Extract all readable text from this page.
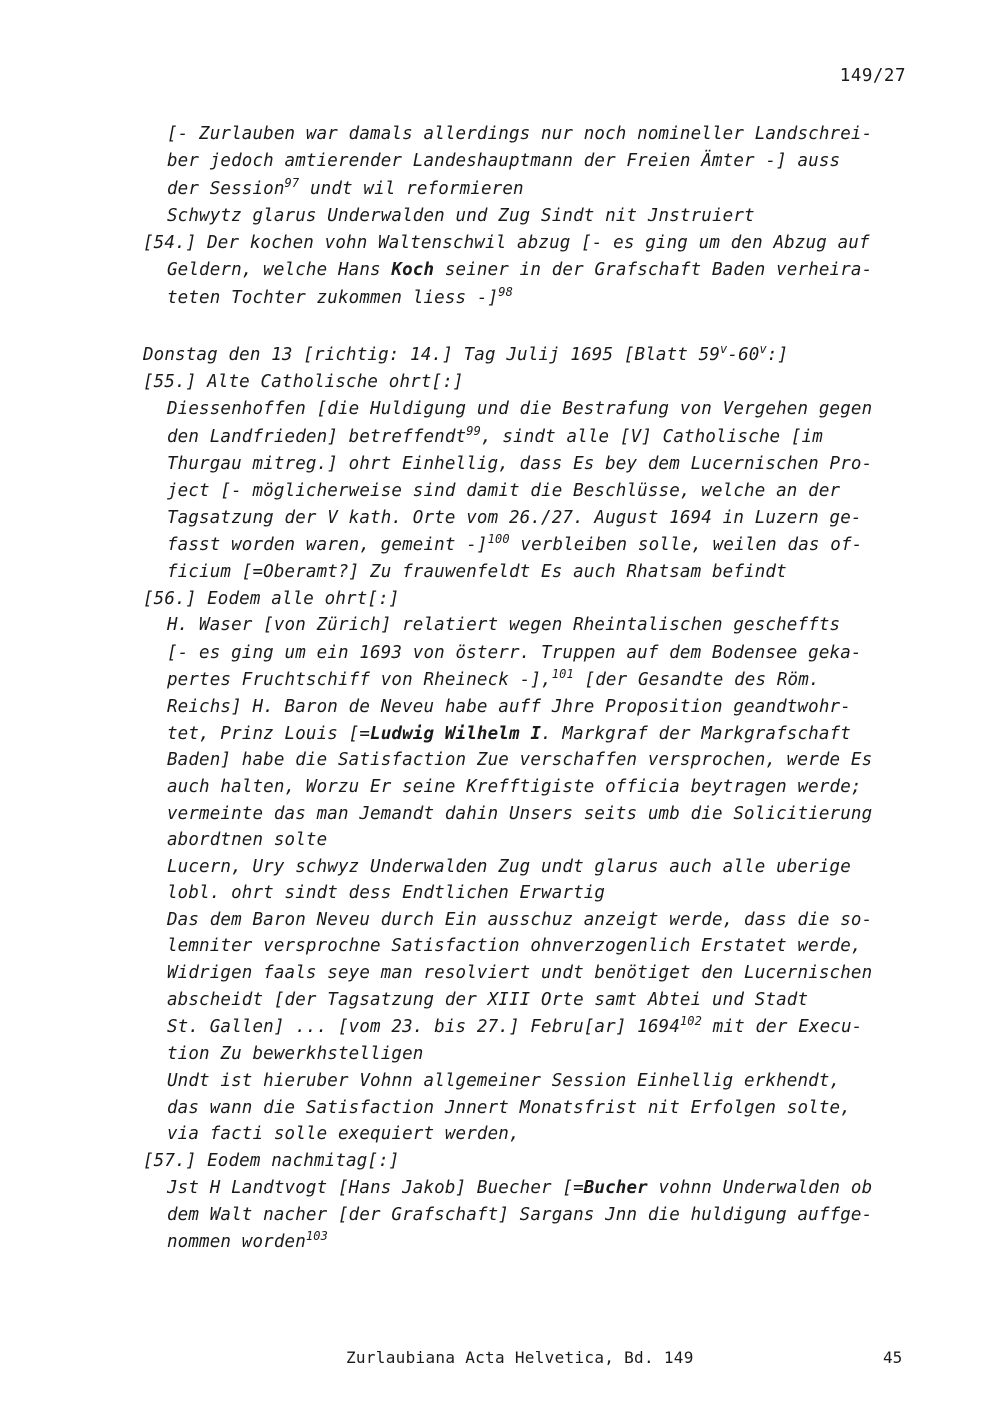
149/27
[- Zurlauben war damals allerdings nur noch nomineller Landschrei-
ber jedoch amtierender Landeshauptmann der Freien Ämter -] auss
der Session$^{97}$ undt wil reformieren
Schwytz glarus Underwalden und Zug Sindt nit Jnstruiert
[54.] Der kochen vohn Waltenschwil abzug [- es ging um den Abzug auf
Geldern, welche Hans Koch seiner in der Grafschaft Baden verheira-
teten Tochter zukommen liess -]$^{98}$
Donstag den 13 [richtig: 14.] Tag Julij 1695 [Blatt 59$^v$-60$^v$:]
[55.] Alte Catholische ohrt[:]
Diessenhoffen [die Huldigung und die Bestrafung von Vergehen gegen
den Landfrieden] betreffendt$^{99}$, sindt alle [V] Catholische [im
Thurgau mitreg.] ohrt Einhellig, dass Es bey dem Lucernischen Pro-
ject [- möglicherweise sind damit die Beschlüsse, welche an der
Tagsatzung der V kath. Orte vom 26./27. August 1694 in Luzern ge-
fasst worden waren, gemeint -]$^{100}$ verbleiben solle, weilen das of-
ficium [=Oberamt?] Zu frauwenfeldt Es auch Rhatsam befindt
[56.] Eodem alle ohrt[:]
H. Waser [von Zürich] relatiert wegen Rheintalischen gescheffts
[- es ging um ein 1693 von österr. Truppen auf dem Bodensee geka-
pertes Fruchtschiff von Rheineck -],$^{101}$ [der Gesandte des Röm.
Reichs] H. Baron de Neveu habe auff Jhre Proposition geandtwohr-
tet, Prinz Louis [=Ludwig Wilhelm I. Markgraf der Markgrafschaft
Baden] habe die Satisfaction Zue verschaffen versprochen, werde Es
auch halten, Worzu Er seine Krefftigiste officia beytragen werde;
vermeinte das man Jemandt dahin Unsers seits umb die Solicitierung
abordtnen solte
Lucern, Ury schwyz Underwalden Zug undt glarus auch alle uberige
lobl. ohrt sindt dess Endtlichen Erwartig
Das dem Baron Neveu durch Ein ausschuz anzeigt werde, dass die so-
lemniter versprochne Satisfaction ohnverzogenlich Erstatet werde,
Widrigen faals seye man resolviert undt benötiget den Lucernischen
abscheidt [der Tagsatzung der XIII Orte samt Abtei und Stadt
St. Gallen] ... [vom 23. bis 27.] Febru[ar] 1694$^{102}$ mit der Execu-
tion Zu bewerkhstelligen
Undt ist hieruber Vohnn allgemeiner Session Einhellig erkhendt,
das wann die Satisfaction Jnnert Monatsfrist nit Erfolgen solte,
via facti solle exequiert werden,
[57.] Eodem nachmitag[:]
Jst H Landtvogt [Hans Jakob] Buecher [=Bucher vohnn Underwalden ob
dem Walt nacher [der Grafschaft] Sargans Jnn die huldigung auffge-
nommen worden$^{103}$
Zurlaubiana Acta Helvetica, Bd. 149	45
